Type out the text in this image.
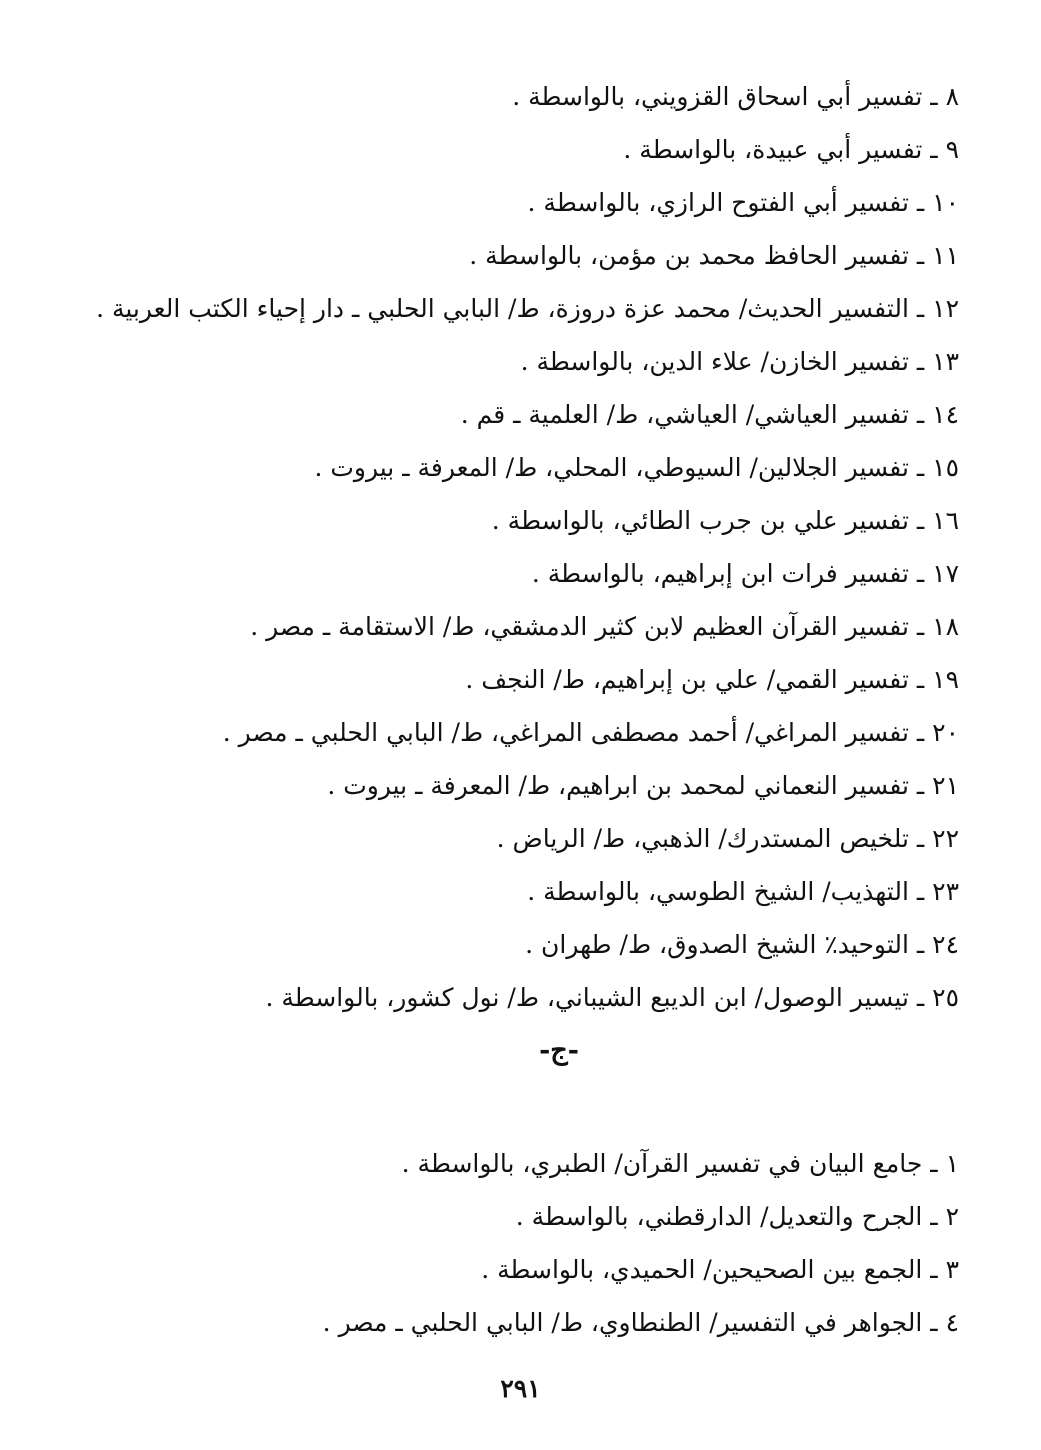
٨ ـ تفسير أبي اسحاق القزويني، بالواسطة .
٩ ـ تفسير أبي عبيدة، بالواسطة .
١٠ ـ تفسير أبي الفتوح الرازي، بالواسطة .
١١ ـ تفسير الحافظ محمد بن مؤمن، بالواسطة .
١٢ ـ التفسير الحديث/ محمد عزة دروزة، ط/ البابي الحلبي ـ دار إحياء الكتب العربية .
١٣ ـ تفسير الخازن/ علاء الدين، بالواسطة .
١٤ ـ تفسير العياشي/ العياشي، ط/ العلمية ـ قم .
١٥ ـ تفسير الجلالين/ السيوطي، المحلي، ط/ المعرفة ـ بيروت .
١٦ ـ تفسير علي بن جرب الطائي، بالواسطة .
١٧ ـ تفسير فرات ابن إبراهيم، بالواسطة .
١٨ ـ تفسير القرآن العظيم لابن كثير الدمشقي، ط/ الاستقامة ـ مصر .
١٩ ـ تفسير القمي/ علي بن إبراهيم، ط/ النجف .
٢٠ ـ تفسير المراغي/ أحمد مصطفى المراغي، ط/ البابي الحلبي ـ مصر .
٢١ ـ تفسير النعماني لمحمد بن ابراهيم، ط/ المعرفة ـ بيروت .
٢٢ ـ تلخيص المستدرك/ الذهبي، ط/ الرياض .
٢٣ ـ التهذيب/ الشيخ الطوسي، بالواسطة .
٢٤ ـ التوحيد٪ الشيخ الصدوق، ط/ طهران .
٢٥ ـ تيسير الوصول/ ابن الديبع الشيباني، ط/ نول كشور، بالواسطة .
-ج-
١ ـ جامع البيان في تفسير القرآن/ الطبري، بالواسطة .
٢ ـ الجرح والتعديل/ الدارقطني، بالواسطة .
٣ ـ الجمع بين الصحيحين/ الحميدي، بالواسطة .
٤ ـ الجواهر في التفسير/ الطنطاوي، ط/ البابي الحلبي ـ مصر .
٢٩١
